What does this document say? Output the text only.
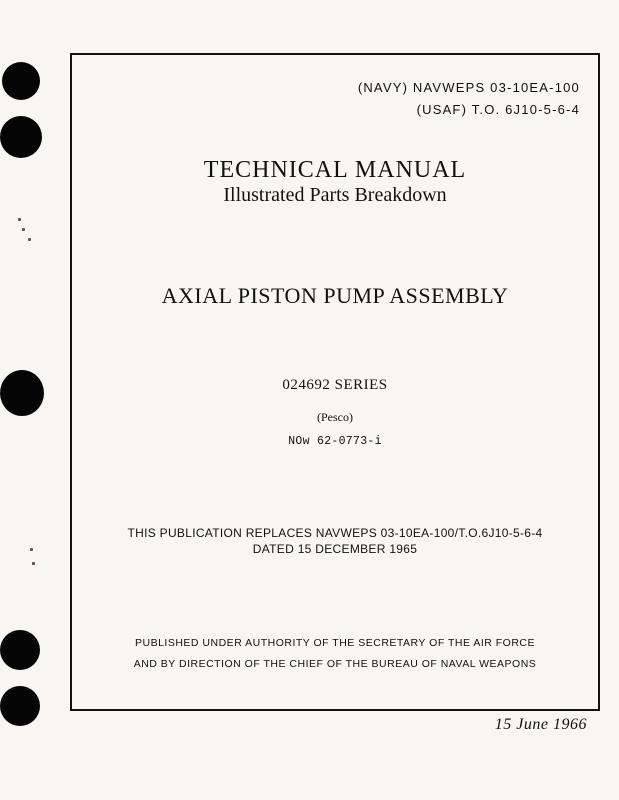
(NAVY) NAVWEPS 03-10EA-100
(USAF) T.O. 6J10-5-6-4
TECHNICAL MANUAL
Illustrated Parts Breakdown
AXIAL PISTON PUMP ASSEMBLY
024692 SERIES
(Pesco)
NOw 62-0773-i
THIS PUBLICATION REPLACES NAVWEPS 03-10EA-100/T.O.6J10-5-6-4
DATED 15 DECEMBER 1965
PUBLISHED UNDER AUTHORITY OF THE SECRETARY OF THE AIR FORCE
AND BY DIRECTION OF THE CHIEF OF THE BUREAU OF NAVAL WEAPONS
15 June 1966
